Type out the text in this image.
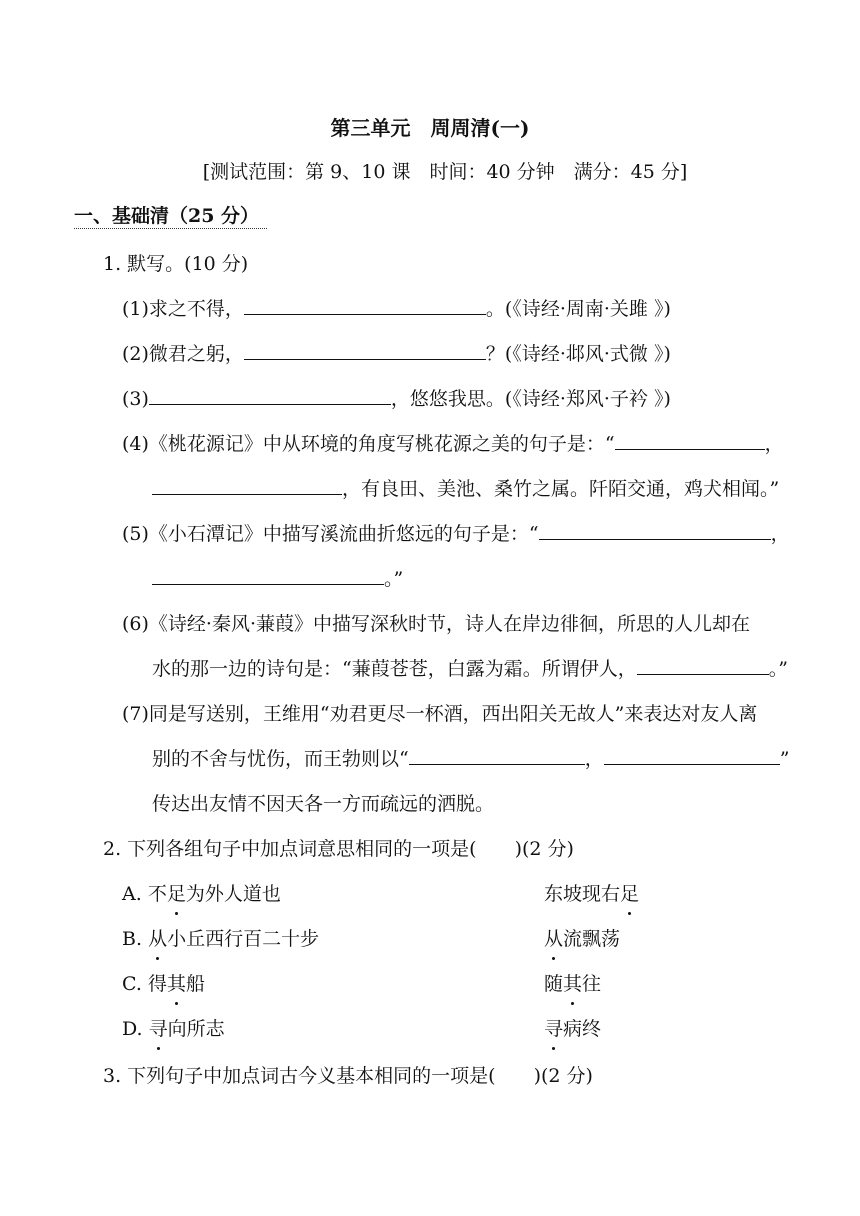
第三单元　周周清(一)
[测试范围：第 9、10 课　时间：40 分钟　满分：45 分]
一、基础清（25 分）
1. 默写。(10 分)
(1)求之不得，	。(《诗经·周南·关雎 》)
(2)微君之躬，	？(《诗经·邶风·式微 》)
(3)	，悠悠我思。(《诗经·郑风·子衿 》)
(4)《桃花源记》中从环境的角度写桃花源之美的句子是：“	，
，有良田、美池、桑竹之属。阡陌交通，鸡犬相闻。”
(5)《小石潭记》中描写溪流曲折悠远的句子是：“	，
。”
(6)《诗经·秦风·蒹葭》中描写深秋时节，诗人在岸边徘徊，所思的人儿却在
水的那一边的诗句是：“蒹葭苍苍，白露为霜。所谓伊人，	。”
(7)同是写送别，王维用“劝君更尽一杯酒，西出阳关无故人”来表达对友人离
别的不舍与忧伤，而王勃则以“	，	”
传达出友情不因天各一方而疏远的洒脱。
2. 下列各组句子中加点词意思相同的一项是(　　)(2 分)
A. 不足为外人道也	东坡现右足
B. 从小丘西行百二十步	从流飘荡
C. 得其船	随其往
D. 寻向所志	寻病终
3. 下列句子中加点词古今义基本相同的一项是(　　)(2 分)
